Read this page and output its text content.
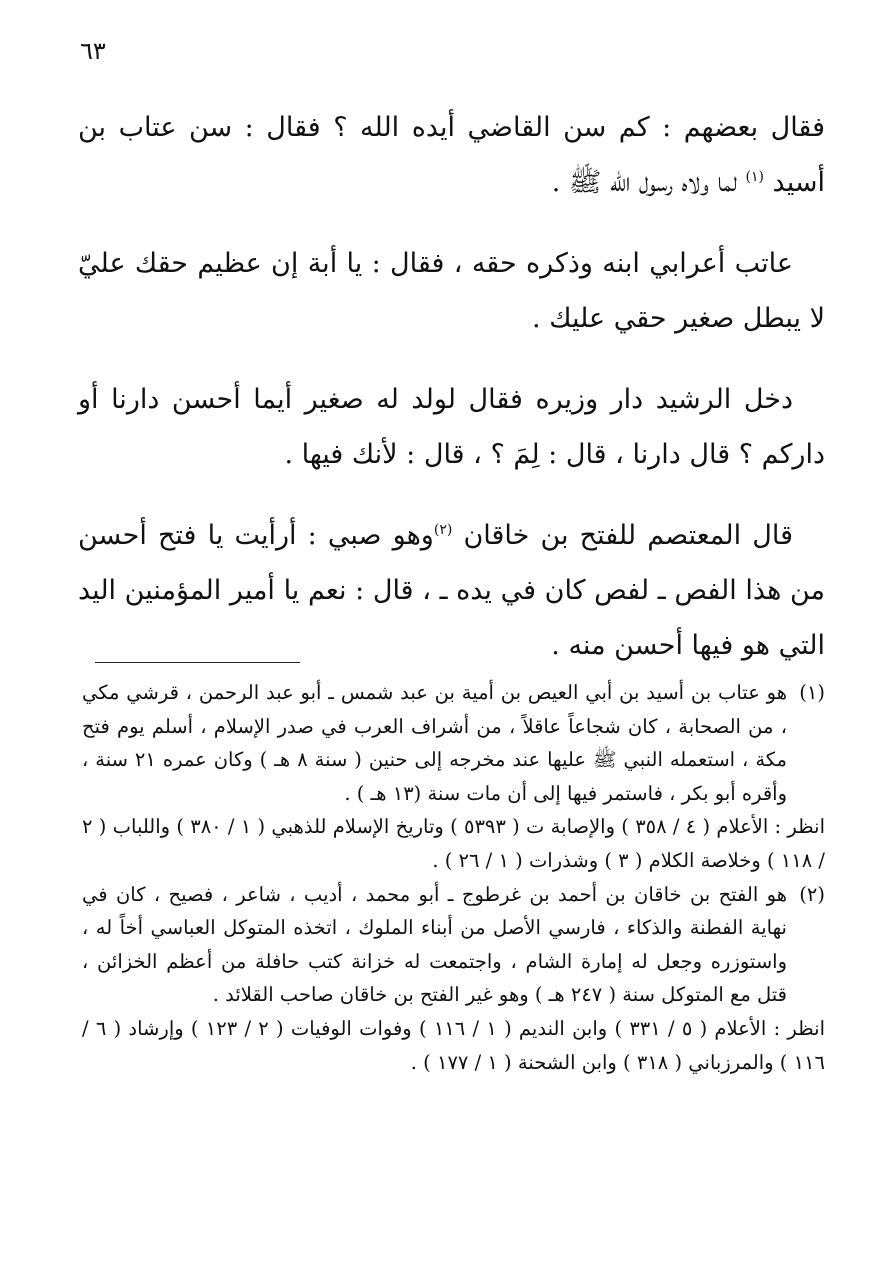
٦٣

فقال بعضهم : كم سن القاضي أيده الله ؟ فقال : سن عتاب بن أسيد $^{(١)}$ لما ولاه رسول الله ﷺ .

عاتب أعرابي ابنه وذكره حقه ، فقال : يا أبة إن عظيم حقك عليّ لا يبطل صغير حقي عليك .

دخل الرشيد دار وزيره فقال لولد له صغير أيما أحسن دارنا أو داركم ؟ قال دارنا ، قال : لِمَ ؟ ، قال : لأنك فيها .

قال المعتصم للفتح بن خاقان $^{(٢)}$وهو صبي : أرأيت يا فتح أحسن من هذا الفص ـ لفص كان في يده ـ ، قال : نعم يا أمير المؤمنين اليد التي هو فيها أحسن منه .

(١)

هو عتاب بن أسيد بن أبي العيص بن أمية بن عبد شمس ـ أبو عبد الرحمن ، قرشي مكي ، من الصحابة ، كان شجاعاً عاقلاً ، من أشراف العرب في صدر الإسلام ، أسلم يوم فتح مكة ، استعمله النبي ﷺ عليها عند مخرجه إلى حنين ( سنة ٨ هـ ) وكان عمره ٢١ سنة ، وأقره أبو بكر ، فاستمر فيها إلى أن مات سنة (١٣ هـ ) .

انظر : الأعلام ( ٤ / ٣٥٨ ) والإصابة ت ( ٥٣٩٣ ) وتاريخ الإسلام للذهبي ( ١ / ٣٨٠ ) واللباب ( ٢ / ١١٨ ) وخلاصة الكلام ( ٣ ) وشذرات ( ١ / ٢٦ ) .

(٢)

هو الفتح بن خاقان بن أحمد بن غرطوج ـ أبو محمد ، أديب ، شاعر ، فصيح ، كان في نهاية الفطنة والذكاء ، فارسي الأصل من أبناء الملوك ، اتخذه المتوكل العباسي أخاً له ، واستوزره وجعل له إمارة الشام ، واجتمعت له خزانة كتب حافلة من أعظم الخزائن ، قتل مع المتوكل سنة ( ٢٤٧ هـ ) وهو غير الفتح بن خاقان صاحب القلائد .

انظر : الأعلام ( ٥ / ٣٣١ ) وابن النديم ( ١ / ١١٦ ) وفوات الوفيات ( ٢ / ١٢٣ ) وإرشاد ( ٦ / ١١٦ ) والمرزباني ( ٣١٨ ) وابن الشحنة ( ١ / ١٧٧ ) .
